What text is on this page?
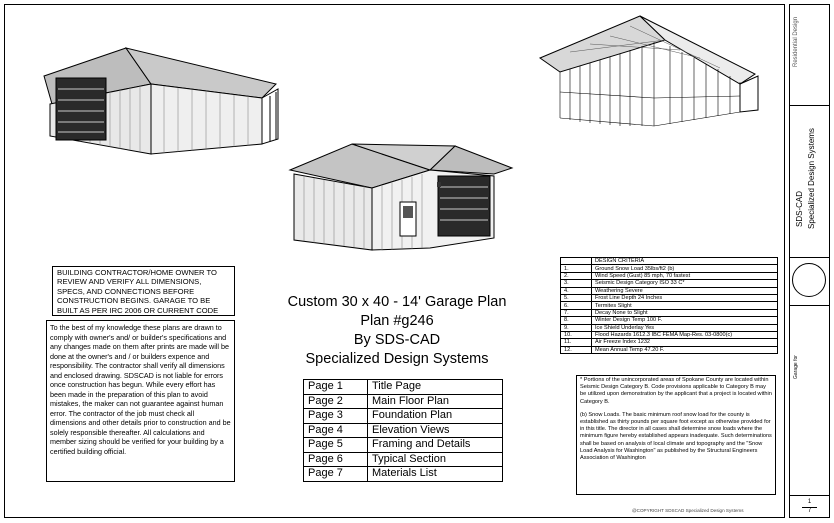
BUILDING CONTRACTOR/HOME OWNER TO REVIEW AND VERIFY ALL DIMENSIONS, SPECS, AND CONNECTIONS BEFORE CONSTRUCTION BEGINS. GARAGE TO BE BUILT AS PER IRC 2006 OR CURRENT CODE
To the best of my knowledge these plans are drawn to comply with owner's and/ or builder's specifications and any changes made on them after prints are made will be done at the owner's and / or builders expence and responsibility. The contractor shall verify all dimensions and enclosed drawing. SDSCAD is not liable for errors once construction has begun. While every effort has been made in the preparation of this plan to avoid mistakes, the maker can not guarantee against human error. The contractor of the job must check all dimensions and other details prior to construction and be solely responsible thereafter. All calculations and member sizing should be verified for your building by a certified building official.
Custom 30 x 40 - 14' Garage Plan
Plan #g246
By SDS-CAD
Specialized Design Systems
Page 1	Title Page
Page 2	Main Floor Plan
Page 3	Foundation Plan
Page 4	Elevation Views
Page 5	Framing and Details
Page 6	Typical Section
Page 7	Materials List
	DESIGN CRITERIA
1.	Ground Snow Load 35lbs/ft2 (b)
2.	Wind Speed (Gust) 85 mph, 70 fastest
3.	Seismic Design Category ISO 33 C*
4.	Weathering Severe
5.	Frost Line Depth 24 Inches
6.	Termites Slight
7.	Decay None to Slight
8.	Winter Design Temp 100 F.
9.	Ice Shield Underlay Yes
10.	Flood Hazards 1612.3 IBC FEMA Map-Res. 03-0800(c)
11.	Air Freeze Index 1232
12.	Mean Annual Temp 47.20 F.
* Portions of the unincorporated areas of Spokane County are located within Seismic Design Category B. Code provisions applicable to Category B may be utilized upon demonstration by the applicant that a project is located within Category B.
(b) Snow Loads. The basic minimum roof snow load for the county is established as thirty pounds per square foot except as otherwise provided for in this title. The director in all cases shall determine snow loads where the minimum figure hereby established appears inadequate. Such determinations shall be based on analysis of local climate and topography and the "Snow Load Analysis for Washington" as published by the Structural Engineers Association of Washington
@COPYRIGHT SDSCAD Specialized Design Systems
Residential Design
SDS-CAD Specialized Design Systems
Garage for
1
7
